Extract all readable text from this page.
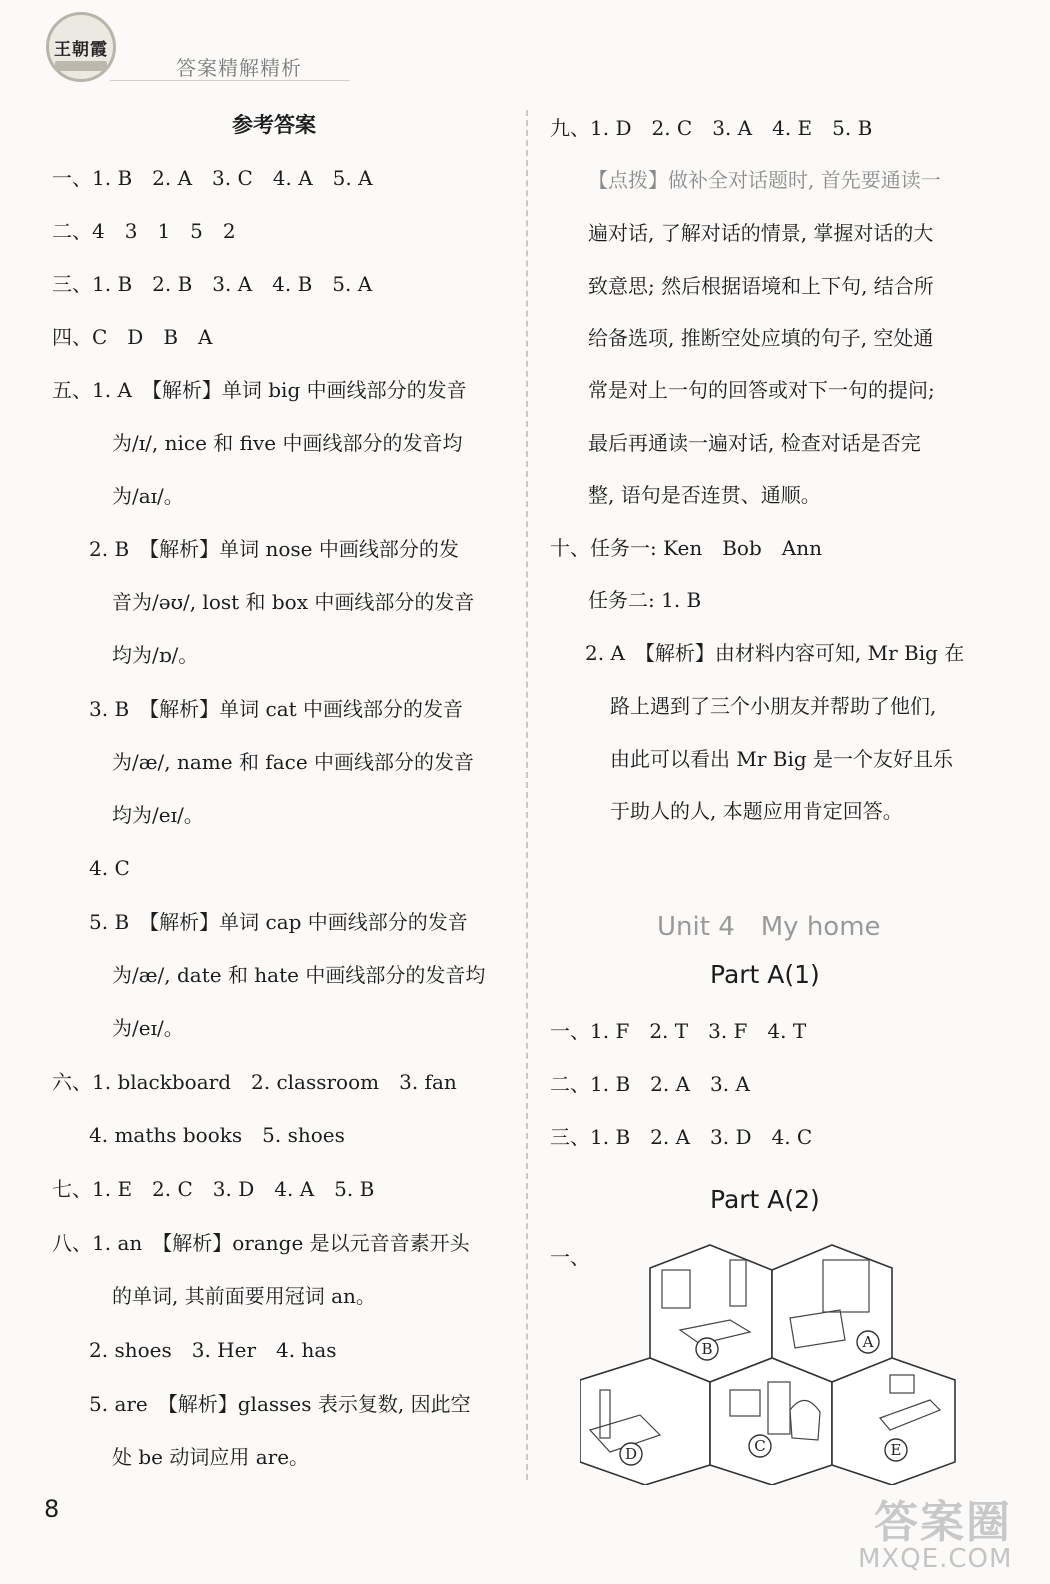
王朝霞
答案精解精析
参考答案
一、1. B　2. A　3. C　4. A　5. A
二、4　3　1　5　2
三、1. B　2. B　3. A　4. B　5. A
四、C　D　B　A
五、1. A　【解析】单词 big 中画线部分的发音
为/ɪ/, nice 和 five 中画线部分的发音均
为/aɪ/。
2. B　【解析】单词 nose 中画线部分的发
音为/əʊ/, lost 和 box 中画线部分的发音
均为/ɒ/。
3. B　【解析】单词 cat 中画线部分的发音
为/æ/, name 和 face 中画线部分的发音
均为/eɪ/。
4. C
5. B　【解析】单词 cap 中画线部分的发音
为/æ/, date 和 hate 中画线部分的发音均
为/eɪ/。
六、1. blackboard　2. classroom　3. fan
4. maths books　5. shoes
七、1. E　2. C　3. D　4. A　5. B
八、1. an　【解析】orange 是以元音音素开头
的单词, 其前面要用冠词 an。
2. shoes　3. Her　4. has
5. are　【解析】glasses 表示复数, 因此空
处 be 动词应用 are。
九、1. D　2. C　3. A　4. E　5. B
【点拨】做补全对话题时, 首先要通读一
遍对话, 了解对话的情景, 掌握对话的大
致意思; 然后根据语境和上下句, 结合所
给备选项, 推断空处应填的句子, 空处通
常是对上一句的回答或对下一句的提问;
最后再通读一遍对话, 检查对话是否完
整, 语句是否连贯、通顺。
十、任务一: Ken　Bob　Ann
任务二: 1. B
2. A　【解析】由材料内容可知, Mr Big 在
路上遇到了三个小朋友并帮助了他们,
由此可以看出 Mr Big 是一个友好且乐
于助人的人, 本题应用肯定回答。
Unit 4　My home
Part A(1)
一、1. F　2. T　3. F　4. T
二、1. B　2. A　3. A
三、1. B　2. A　3. D　4. C
Part A(2)
一、
A
B
C
D	E
8	答案圈
MXQE.COM
